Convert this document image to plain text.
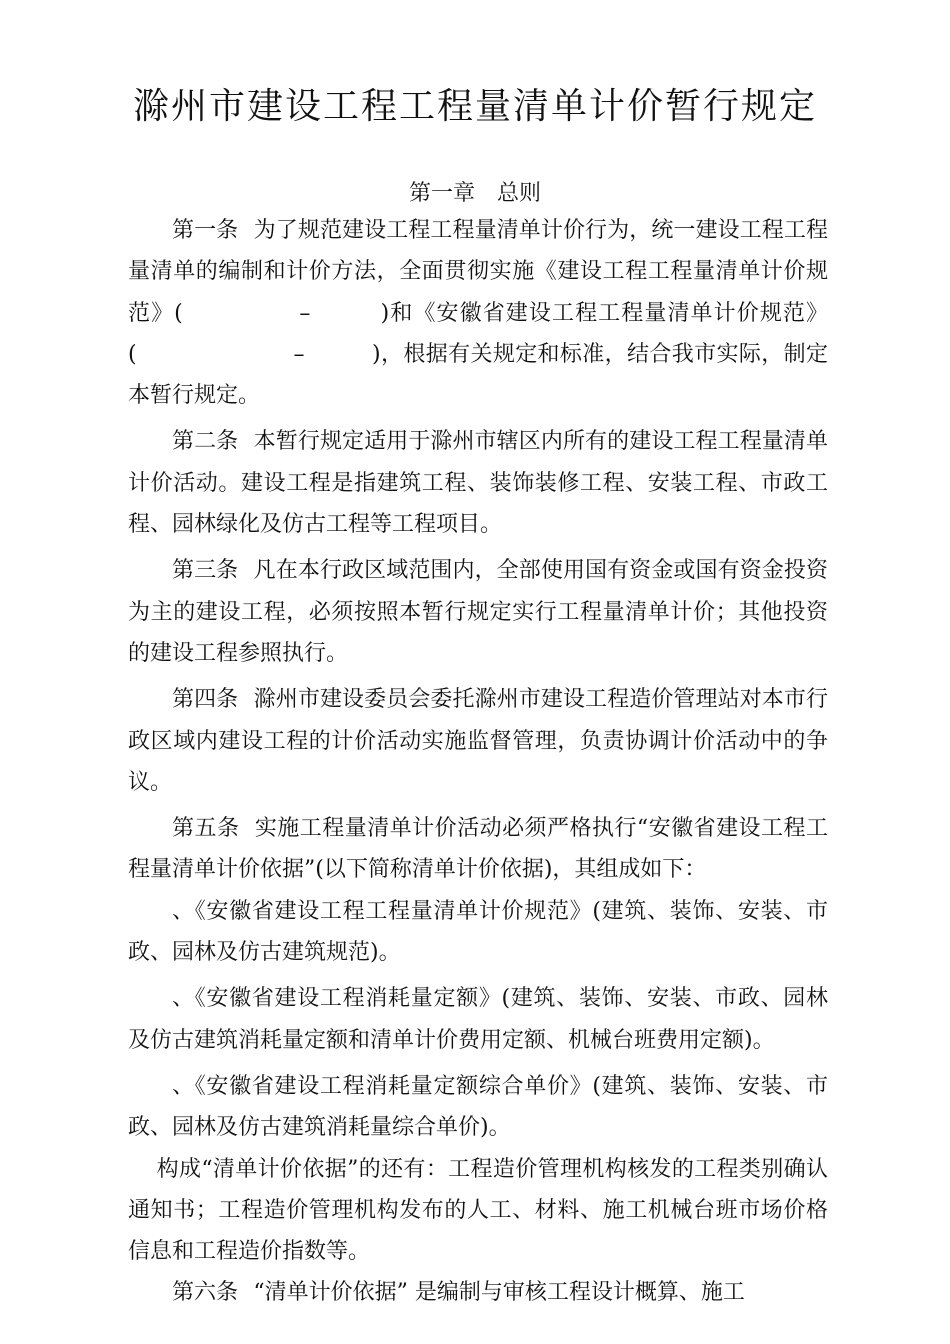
滁州市建设工程工程量清单计价暂行规定
第一章　总则

第一条 为了规范建设工程工程量清单计价行为，统一建设工程工程量清单的编制和计价方法，全面贯彻实施《建设工程工程量清单计价规范》(　　　　　–　　　)和《安徽省建设工程工程量清单计价规范》(　　　　　　　–　　　)，根据有关规定和标准，结合我市实际，制定本暂行规定。

第二条 本暂行规定适用于滁州市辖区内所有的建设工程工程量清单计价活动。建设工程是指建筑工程、装饰装修工程、安装工程、市政工程、园林绿化及仿古工程等工程项目。

第三条 凡在本行政区域范围内，全部使用国有资金或国有资金投资为主的建设工程，必须按照本暂行规定实行工程量清单计价；其他投资的建设工程参照执行。

第四条 滁州市建设委员会委托滁州市建设工程造价管理站对本市行政区域内建设工程的计价活动实施监督管理，负责协调计价活动中的争议。

第五条 实施工程量清单计价活动必须严格执行“安徽省建设工程工程量清单计价依据”(以下简称清单计价依据)，其组成如下：

、《安徽省建设工程工程量清单计价规范》(建筑、装饰、安装、市政、园林及仿古建筑规范)。

、《安徽省建设工程消耗量定额》(建筑、装饰、安装、市政、园林及仿古建筑消耗量定额和清单计价费用定额、机械台班费用定额)。

、《安徽省建设工程消耗量定额综合单价》(建筑、装饰、安装、市政、园林及仿古建筑消耗量综合单价)。

构成“清单计价依据”的还有：工程造价管理机构核发的工程类别确认通知书；工程造价管理机构发布的人工、材料、施工机械台班市场价格信息和工程造价指数等。

第六条 “清单计价依据” 是编制与审核工程设计概算、施工
